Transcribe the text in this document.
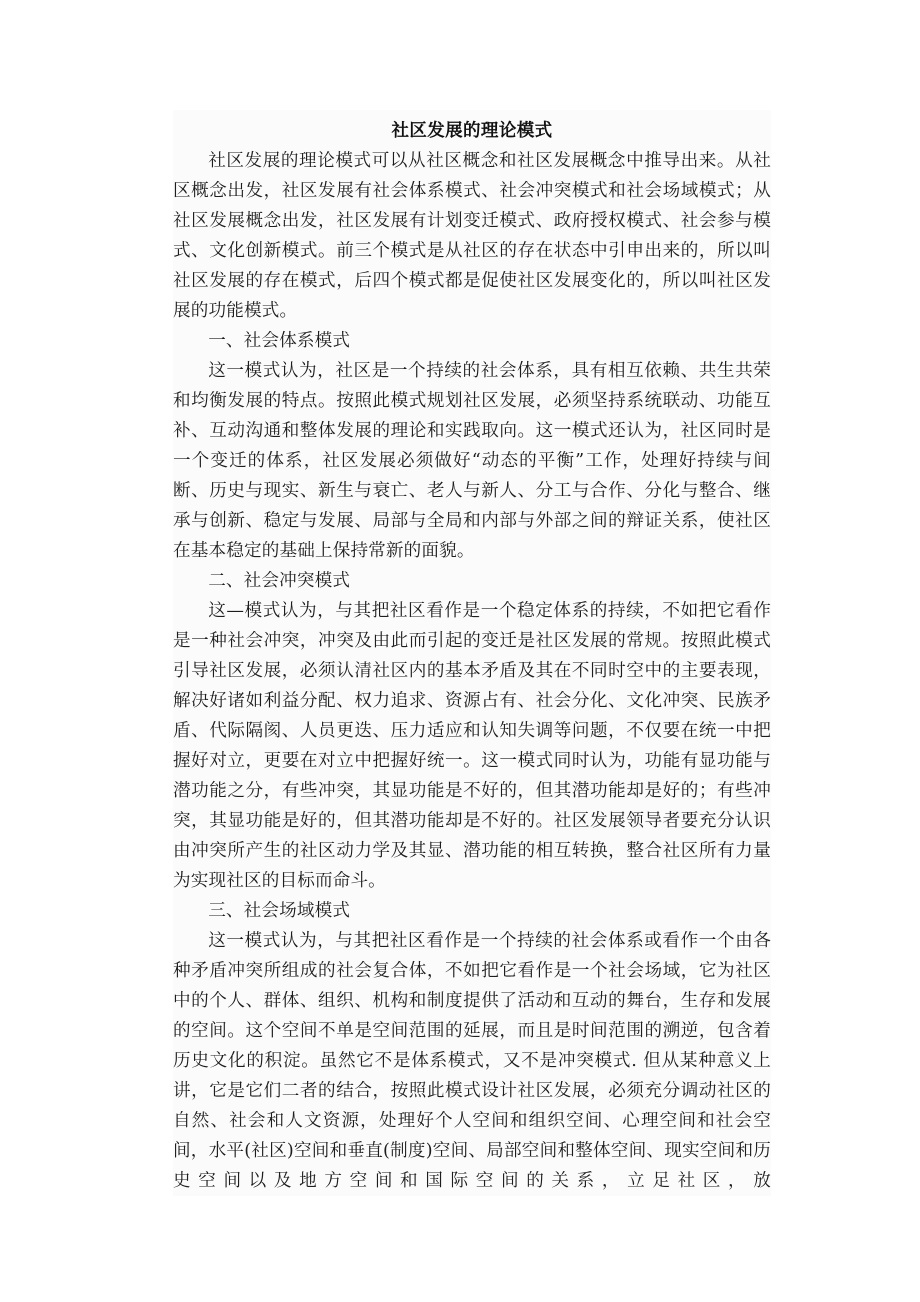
社区发展的理论模式

社区发展的理论模式可以从社区概念和社区发展概念中推导出来。从社区概念出发，社区发展有社会体系模式、社会冲突模式和社会场域模式；从社区发展概念出发，社区发展有计划变迁模式、政府授权模式、社会参与模式、文化创新模式。前三个模式是从社区的存在状态中引申出来的，所以叫社区发展的存在模式，后四个模式都是促使社区发展变化的，所以叫社区发展的功能模式。

一、社会体系模式

这一模式认为，社区是一个持续的社会体系，具有相互依赖、共生共荣和均衡发展的特点。按照此模式规划社区发展，必须坚持系统联动、功能互补、互动沟通和整体发展的理论和实践取向。这一模式还认为，社区同时是一个变迁的体系，社区发展必须做好“动态的平衡”工作，处理好持续与间断、历史与现实、新生与衰亡、老人与新人、分工与合作、分化与整合、继承与创新、稳定与发展、局部与全局和内部与外部之间的辩证关系，使社区在基本稳定的基础上保持常新的面貌。

二、社会冲突模式

这—模式认为，与其把社区看作是一个稳定体系的持续，不如把它看作是一种社会冲突，冲突及由此而引起的变迁是社区发展的常规。按照此模式引导社区发展，必须认清社区内的基本矛盾及其在不同时空中的主要表现，解决好诸如利益分配、权力追求、资源占有、社会分化、文化冲突、民族矛盾、代际隔阂、人员更迭、压力适应和认知失调等问题，不仅要在统一中把握好对立，更要在对立中把握好统一。这一模式同时认为，功能有显功能与潜功能之分，有些冲突，其显功能是不好的，但其潜功能却是好的；有些冲突，其显功能是好的，但其潜功能却是不好的。社区发展领导者要充分认识由冲突所产生的社区动力学及其显、潜功能的相互转换，整合社区所有力量为实现社区的目标而命斗。

三、社会场域模式

这一模式认为，与其把社区看作是一个持续的社会体系或看作一个由各种矛盾冲突所组成的社会复合体，不如把它看作是一个社会场域，它为社区中的个人、群体、组织、机构和制度提供了活动和互动的舞台，生存和发展的空间。这个空间不单是空间范围的延展，而且是时间范围的溯逆，包含着历史文化的积淀。虽然它不是体系模式，又不是冲突模式. 但从某种意义上讲，它是它们二者的结合，按照此模式设计社区发展，必须充分调动社区的自然、社会和人文资源，处理好个人空间和组织空间、心理空间和社会空间，水平(社区)空间和垂直(制度)空间、局部空间和整体空间、现实空间和历史空间以及地方空间和国际空间的关系，立足社区，放
